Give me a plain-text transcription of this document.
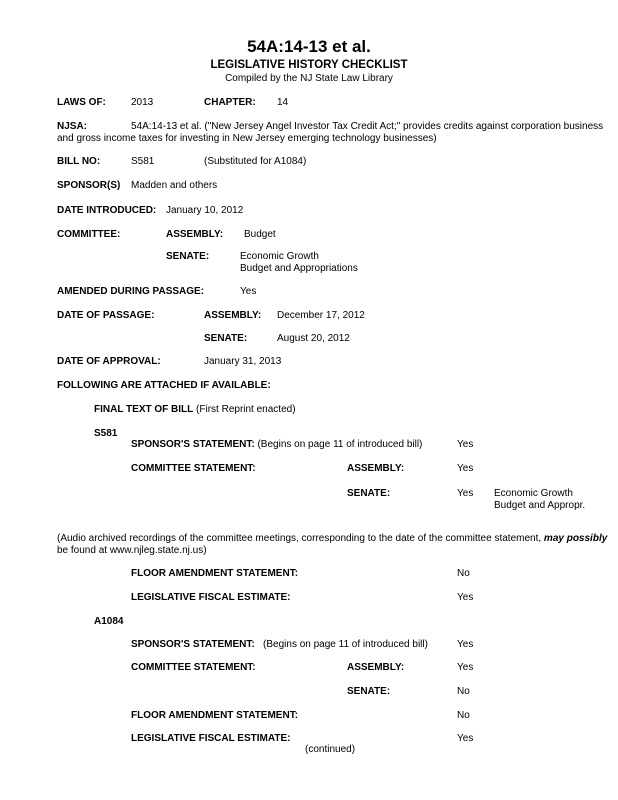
54A:14-13 et al.
LEGISLATIVE HISTORY CHECKLIST
Compiled by the NJ State Law Library
LAWS OF:	2013	CHAPTER: 14
NJSA:	54A:14-13 et al. ("New Jersey Angel Investor Tax Credit Act;" provides credits against corporation business
and gross income taxes for investing in New Jersey emerging technology businesses)
BILL NO:	S581	(Substituted for A1084)
SPONSOR(S) Madden and others
DATE INTRODUCED: January 10, 2012
COMMITTEE:	ASSEMBLY: Budget
SENATE:	Economic Growth
Budget and Appropriations
AMENDED DURING PASSAGE:	Yes
DATE OF PASSAGE:	ASSEMBLY: December 17, 2012
SENATE:	August 20, 2012
DATE OF APPROVAL:	January 31, 2013
FOLLOWING ARE ATTACHED IF AVAILABLE:
FINAL TEXT OF BILL (First Reprint enacted)
S581
SPONSOR'S STATEMENT: (Begins on page 11 of introduced bill)	Yes
COMMITTEE STATEMENT:	ASSEMBLY:	Yes
SENATE:	Yes Economic Growth
Budget and Appropr.
(Audio archived recordings of the committee meetings, corresponding to the date of the committee statement, may possibly
be found at www.njleg.state.nj.us)
FLOOR AMENDMENT STATEMENT:	No
LEGISLATIVE FISCAL ESTIMATE:	Yes
A1084
SPONSOR'S STATEMENT: (Begins on page 11 of introduced bill)	Yes
COMMITTEE STATEMENT:	ASSEMBLY:	Yes
SENATE:	No
FLOOR AMENDMENT STATEMENT:	No
LEGISLATIVE FISCAL ESTIMATE:	Yes
(continued)
